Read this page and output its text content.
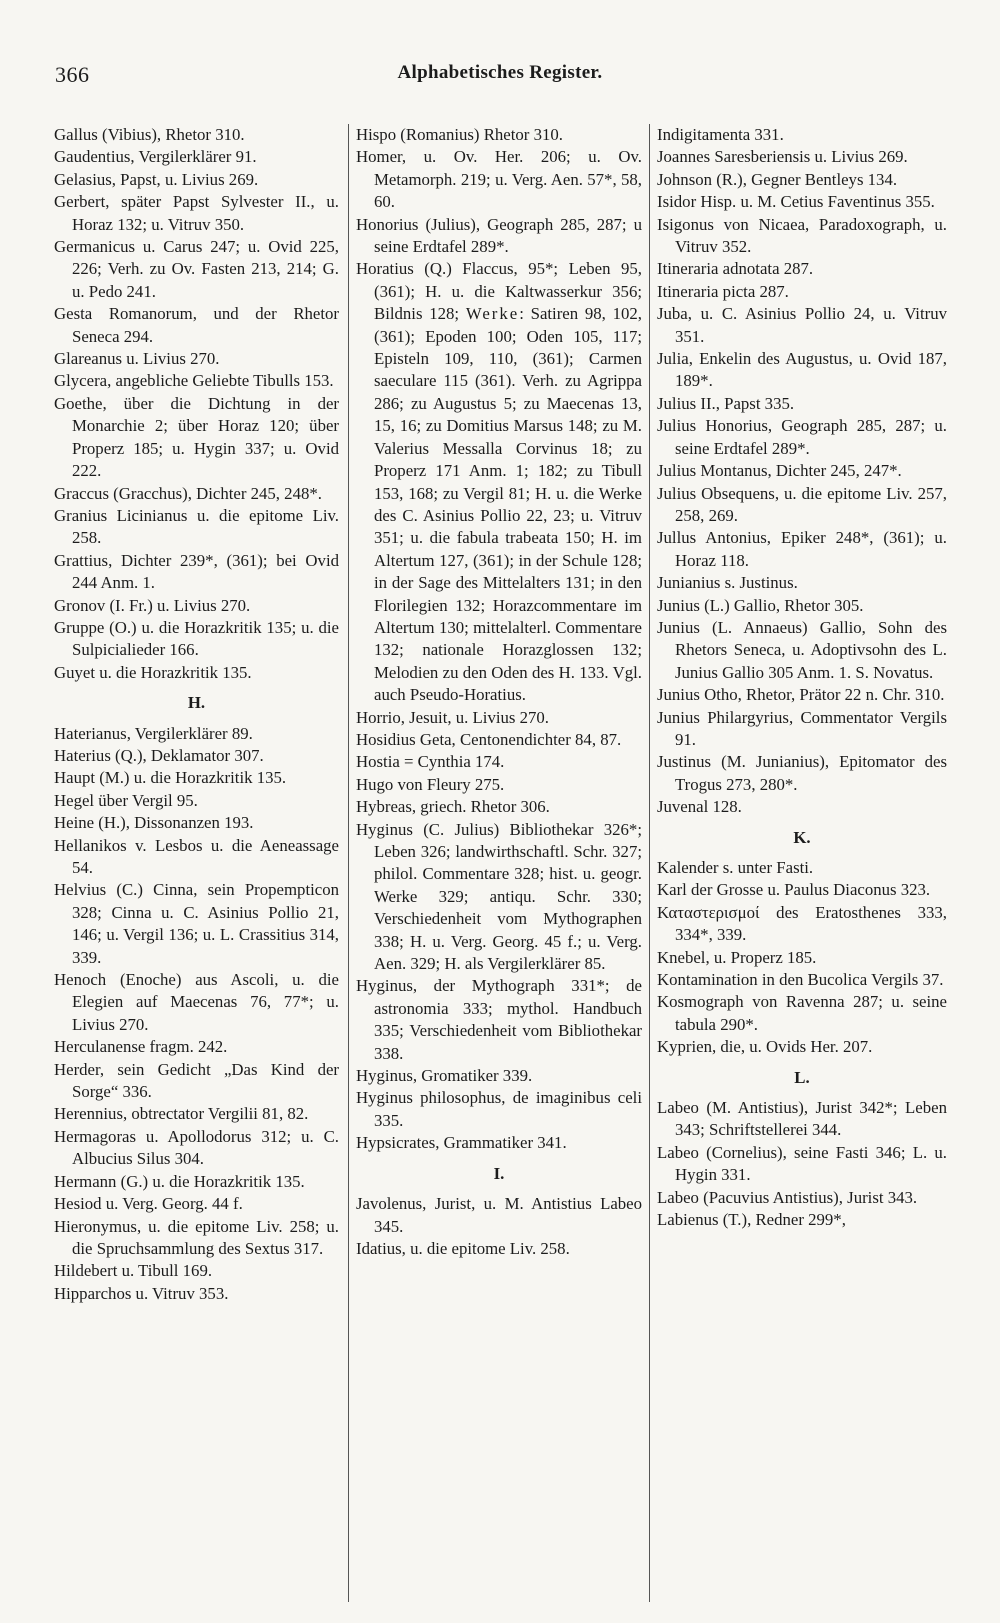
366	Alphabetisches Register.

Gallus (Vibius), Rhetor 310.

Gaudentius, Vergilerklärer 91.

Gelasius, Papst, u. Livius 269.

Gerbert, später Papst Sylvester II., u. Horaz 132; u. Vitruv 350.

Germanicus u. Carus 247; u. Ovid 225, 226; Verh. zu Ov. Fasten 213, 214; G. u. Pedo 241.

Gesta Romanorum, und der Rhetor Seneca 294.

Glareanus u. Livius 270.

Glycera, angebliche Geliebte Tibulls 153.

Goethe, über die Dichtung in der Monarchie 2; über Horaz 120; über Properz 185; u. Hygin 337; u. Ovid 222.

Graccus (Gracchus), Dichter 245, 248*.

Granius Licinianus u. die epitome Liv. 258.

Grattius, Dichter 239*, (361); bei Ovid 244 Anm. 1.

Gronov (I. Fr.) u. Livius 270.

Gruppe (O.) u. die Horazkritik 135; u. die Sulpicialieder 166.

Guyet u. die Horazkritik 135.

H.

Haterianus, Vergilerklärer 89.

Haterius (Q.), Deklamator 307.

Haupt (M.) u. die Horazkritik 135.

Hegel über Vergil 95.

Heine (H.), Dissonanzen 193.

Hellanikos v. Lesbos u. die Aeneassage 54.

Helvius (C.) Cinna, sein Propempticon 328; Cinna u. C. Asinius Pollio 21, 146; u. Vergil 136; u. L. Crassitius 314, 339.

Henoch (Enoche) aus Ascoli, u. die Elegien auf Maecenas 76, 77*; u. Livius 270.

Herculanense fragm. 242.

Herder, sein Gedicht „Das Kind der Sorge“ 336.

Herennius, obtrectator Vergilii 81, 82.

Hermagoras u. Apollodorus 312; u. C. Albucius Silus 304.

Hermann (G.) u. die Horazkritik 135.

Hesiod u. Verg. Georg. 44 f.

Hieronymus, u. die epitome Liv. 258; u. die Spruchsammlung des Sextus 317.

Hildebert u. Tibull 169.

Hipparchos u. Vitruv 353.

Hispo (Romanius) Rhetor 310.

Homer, u. Ov. Her. 206; u. Ov. Metamorph. 219; u. Verg. Aen. 57*, 58, 60.

Honorius (Julius), Geograph 285, 287; u seine Erdtafel 289*.

Horatius (Q.) Flaccus, 95*; Leben 95, (361); H. u. die Kaltwasserkur 356; Bildnis 128; Werke: Satiren 98, 102, (361); Epoden 100; Oden 105, 117; Episteln 109, 110, (361); Carmen saeculare 115 (361). Verh. zu Agrippa 286; zu Augustus 5; zu Maecenas 13, 15, 16; zu Domitius Marsus 148; zu M. Valerius Messalla Corvinus 18; zu Properz 171 Anm. 1; 182; zu Tibull 153, 168; zu Vergil 81; H. u. die Werke des C. Asinius Pollio 22, 23; u. Vitruv 351; u. die fabula trabeata 150; H. im Altertum 127, (361); in der Schule 128; in der Sage des Mittelalters 131; in den Florilegien 132; Horazcommentare im Altertum 130; mittelalterl. Commentare 132; nationale Horazglossen 132; Melodien zu den Oden des H. 133. Vgl. auch Pseudo-Horatius.

Horrio, Jesuit, u. Livius 270.

Hosidius Geta, Centonendichter 84, 87.

Hostia = Cynthia 174.

Hugo von Fleury 275.

Hybreas, griech. Rhetor 306.

Hyginus (C. Julius) Bibliothekar 326*; Leben 326; landwirthschaftl. Schr. 327; philol. Commentare 328; hist. u. geogr. Werke 329; antiqu. Schr. 330; Verschiedenheit vom Mythographen 338; H. u. Verg. Georg. 45 f.; u. Verg. Aen. 329; H. als Vergilerklärer 85.

Hyginus, der Mythograph 331*; de astronomia 333; mythol. Handbuch 335; Verschiedenheit vom Bibliothekar 338.

Hyginus, Gromatiker 339.

Hyginus philosophus, de imaginibus celi 335.

Hypsicrates, Grammatiker 341.

I.

Javolenus, Jurist, u. M. Antistius Labeo 345.

Idatius, u. die epitome Liv. 258.

Indigitamenta 331.

Joannes Saresberiensis u. Livius 269.

Johnson (R.), Gegner Bentleys 134.

Isidor Hisp. u. M. Cetius Faventinus 355.

Isigonus von Nicaea, Paradoxograph, u. Vitruv 352.

Itineraria adnotata 287.

Itineraria picta 287.

Juba, u. C. Asinius Pollio 24, u. Vitruv 351.

Julia, Enkelin des Augustus, u. Ovid 187, 189*.

Julius II., Papst 335.

Julius Honorius, Geograph 285, 287; u. seine Erdtafel 289*.

Julius Montanus, Dichter 245, 247*.

Julius Obsequens, u. die epitome Liv. 257, 258, 269.

Jullus Antonius, Epiker 248*, (361); u. Horaz 118.

Junianius s. Justinus.

Junius (L.) Gallio, Rhetor 305.

Junius (L. Annaeus) Gallio, Sohn des Rhetors Seneca, u. Adoptivsohn des L. Junius Gallio 305 Anm. 1. S. Novatus.

Junius Otho, Rhetor, Prätor 22 n. Chr. 310.

Junius Philargyrius, Commentator Vergils 91.

Justinus (M. Junianius), Epitomator des Trogus 273, 280*.

Juvenal 128.

K.

Kalender s. unter Fasti.

Karl der Grosse u. Paulus Diaconus 323.

Καταστερισμοί des Eratosthenes 333, 334*, 339.

Knebel, u. Properz 185.

Kontamination in den Bucolica Vergils 37.

Kosmograph von Ravenna 287; u. seine tabula 290*.

Kyprien, die, u. Ovids Her. 207.

L.

Labeo (M. Antistius), Jurist 342*; Leben 343; Schriftstellerei 344.

Labeo (Cornelius), seine Fasti 346; L. u. Hygin 331.

Labeo (Pacuvius Antistius), Jurist 343.

Labienus (T.), Redner 299*,
